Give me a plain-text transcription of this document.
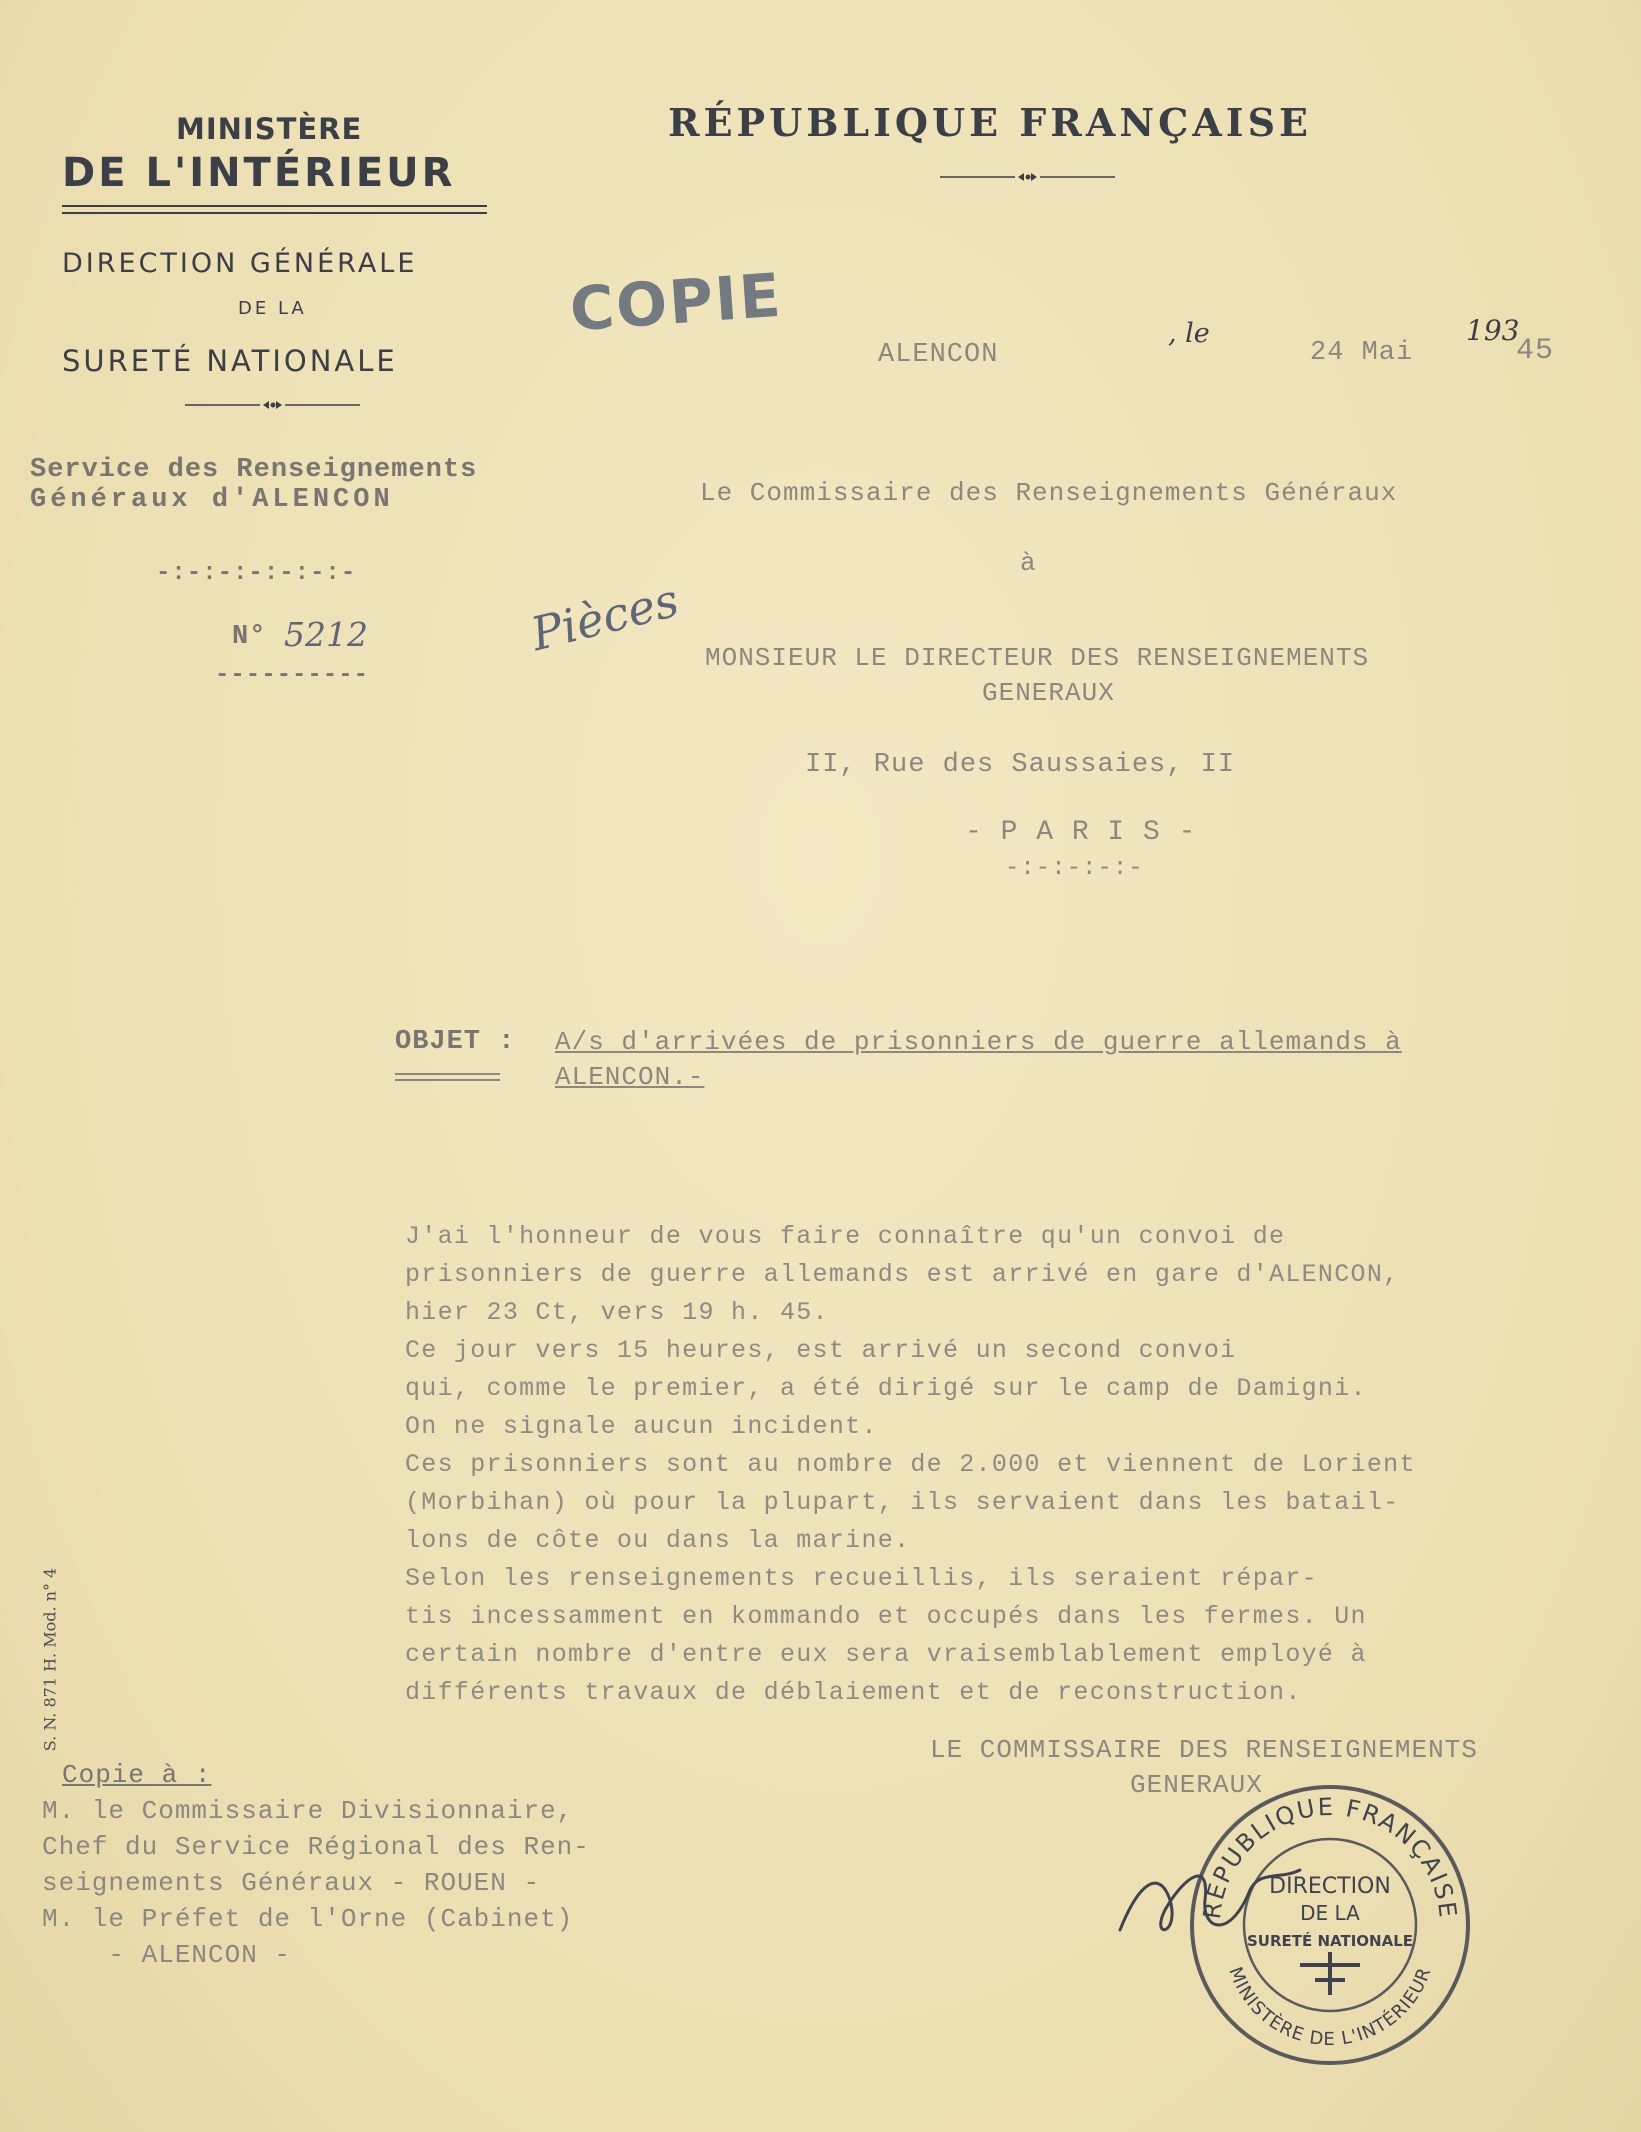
MINISTÈRE
DE L'INTÉRIEUR
DIRECTION GÉNÉRALE
DE LA
SURETÉ NATIONALE
RÉPUBLIQUE FRANÇAISE
COPIE
Service des Renseignements
Généraux d'ALENCON
-:-:-:-:-:-:-
N° 5212
----------
Pièces
ALENCON
, le
24 Mai
193
45
Le Commissaire des Renseignements Généraux
à
MONSIEUR LE DIRECTEUR DES RENSEIGNEMENTS
GENERAUX
II, Rue des Saussaies, II
- P A R I S -
-:-:-:-:-
OBJET : A/s d'arrivées de prisonniers de guerre allemands à
ALENCON.-
J'ai l'honneur de vous faire connaître qu'un convoi de
prisonniers de guerre allemands est arrivé en gare d'ALENCON,
hier 23 Ct, vers 19 h. 45.
Ce jour vers 15 heures, est arrivé un second convoi
qui, comme le premier, a été dirigé sur le camp de Damigni.
On ne signale aucun incident.
Ces prisonniers sont au nombre de 2.000 et viennent de Lorient
(Morbihan) où pour la plupart, ils servaient dans les batail-
lons de côte ou dans la marine.
Selon les renseignements recueillis, ils seraient répar-
tis incessamment en kommando et occupés dans les fermes. Un
certain nombre d'entre eux sera vraisemblablement employé à
différents travaux de déblaiement et de reconstruction.
S. N. 871 H. Mod. n° 4	LE COMMISSAIRE DES RENSEIGNEMENTS
GENERAUX
Copie à :
M. le Commissaire Divisionnaire,
Chef du Service Régional des Ren-
seignements Généraux - ROUEN -
M. le Préfet de l'Orne (Cabinet)
- ALENCON -
RÉPUBLIQUE FRANÇAISE
MINISTÈRE DE L'INTÉRIEUR
DIRECTION
DE LA
SURETÉ NATIONALE
